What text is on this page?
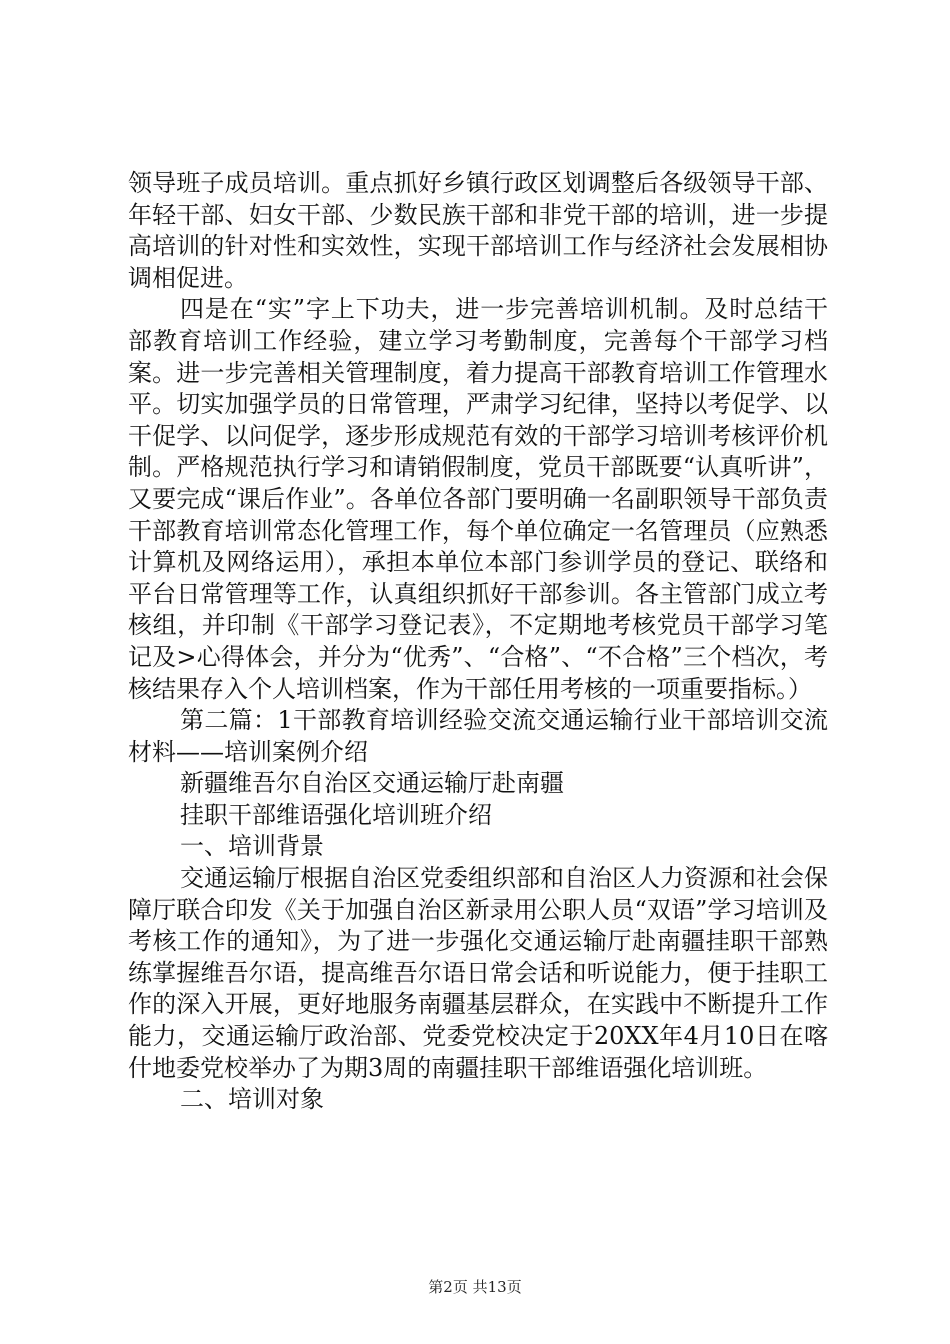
领导班子成员培训。重点抓好乡镇行政区划调整后各级领导干部、年轻干部、妇女干部、少数民族干部和非党干部的培训，进一步提高培训的针对性和实效性，实现干部培训工作与经济社会发展相协调相促进。

四是在“实”字上下功夫，进一步完善培训机制。及时总结干部教育培训工作经验，建立学习考勤制度，完善每个干部学习档案。进一步完善相关管理制度，着力提高干部教育培训工作管理水平。切实加强学员的日常管理，严肃学习纪律，坚持以考促学、以干促学、以问促学，逐步形成规范有效的干部学习培训考核评价机制。严格规范执行学习和请销假制度，党员干部既要“认真听讲”，又要完成“课后作业”。各单位各部门要明确一名副职领导干部负责干部教育培训常态化管理工作，每个单位确定一名管理员（应熟悉计算机及网络运用），承担本单位本部门参训学员的登记、联络和平台日常管理等工作，认真组织抓好干部参训。各主管部门成立考核组，并印制《干部学习登记表》，不定期地考核党员干部学习笔记及>心得体会，并分为“优秀”、“合格”、“不合格”三个档次，考核结果存入个人培训档案，作为干部任用考核的一项重要指标。）

第二篇：1干部教育培训经验交流交通运输行业干部培训交流材料——培训案例介绍

新疆维吾尔自治区交通运输厅赴南疆

挂职干部维语强化培训班介绍

一、培训背景

交通运输厅根据自治区党委组织部和自治区人力资源和社会保障厅联合印发《关于加强自治区新录用公职人员“双语”学习培训及考核工作的通知》，为了进一步强化交通运输厅赴南疆挂职干部熟练掌握维吾尔语，提高维吾尔语日常会话和听说能力，便于挂职工作的深入开展，更好地服务南疆基层群众，在实践中不断提升工作能力，交通运输厅政治部、党委党校决定于20XX年4月10日在喀什地委党校举办了为期3周的南疆挂职干部维语强化培训班。

二、培训对象

第2页 共13页
